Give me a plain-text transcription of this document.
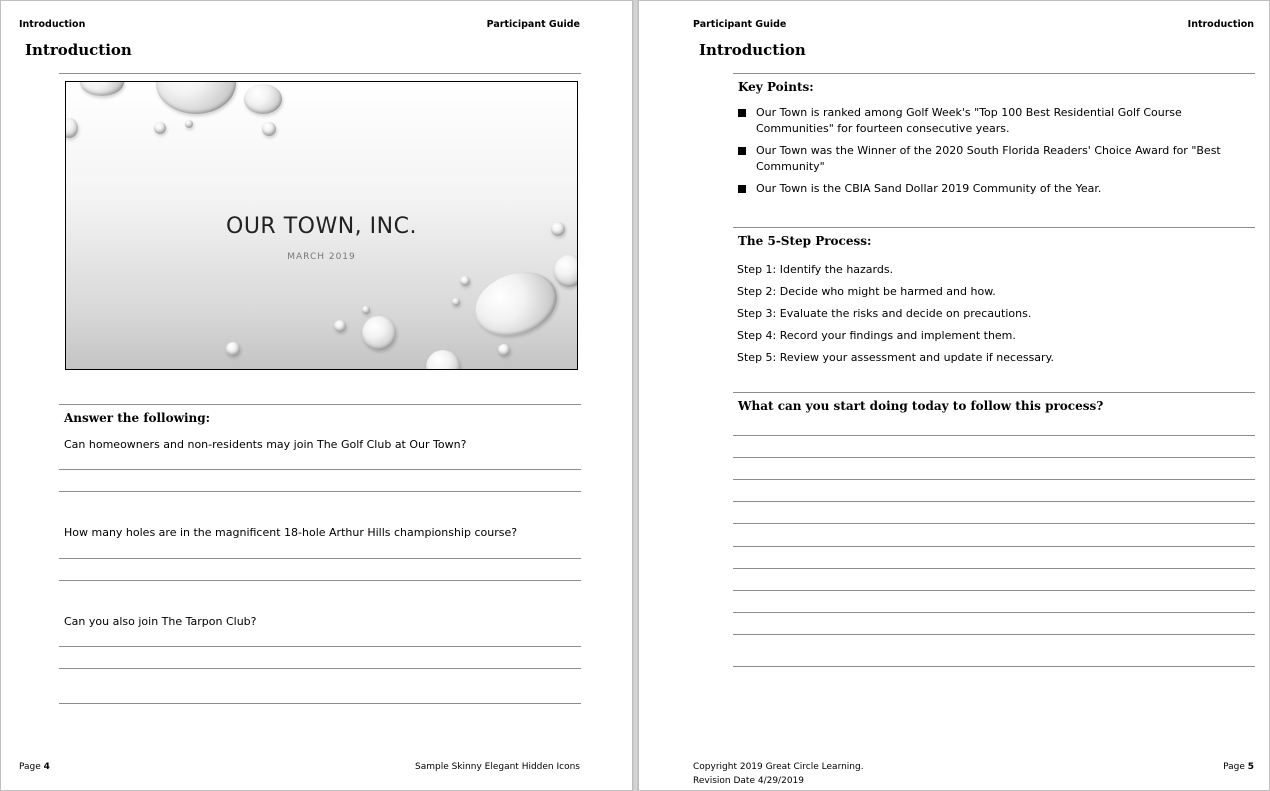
Introduction	Participant Guide
Introduction
OUR TOWN, INC.
MARCH 2019
Answer the following:
Can homeowners and non-residents may join The Golf Club at Our Town?
How many holes are in the magnificent 18-hole Arthur Hills championship course?
Can you also join The Tarpon Club?
Page 4	Sample Skinny Elegant Hidden Icons
Participant Guide	Introduction
Introduction
Key Points:
The 5-Step Process:
What can you start doing today to follow this process?
Copyright 2019 Great Circle Learning.
Revision Date 4/29/2019
Page 5
Our Town is ranked among Golf Week's "Top 100 Best Residential Golf Course Communities" for fourteen consecutive years.
Our Town was the Winner of the 2020 South Florida Readers' Choice Award for "Best Community"
Our Town is the CBIA Sand Dollar 2019 Community of the Year.
Step 1: Identify the hazards.
Step 2: Decide who might be harmed and how.
Step 3: Evaluate the risks and decide on precautions.
Step 4: Record your findings and implement them.
Step 5: Review your assessment and update if necessary.
